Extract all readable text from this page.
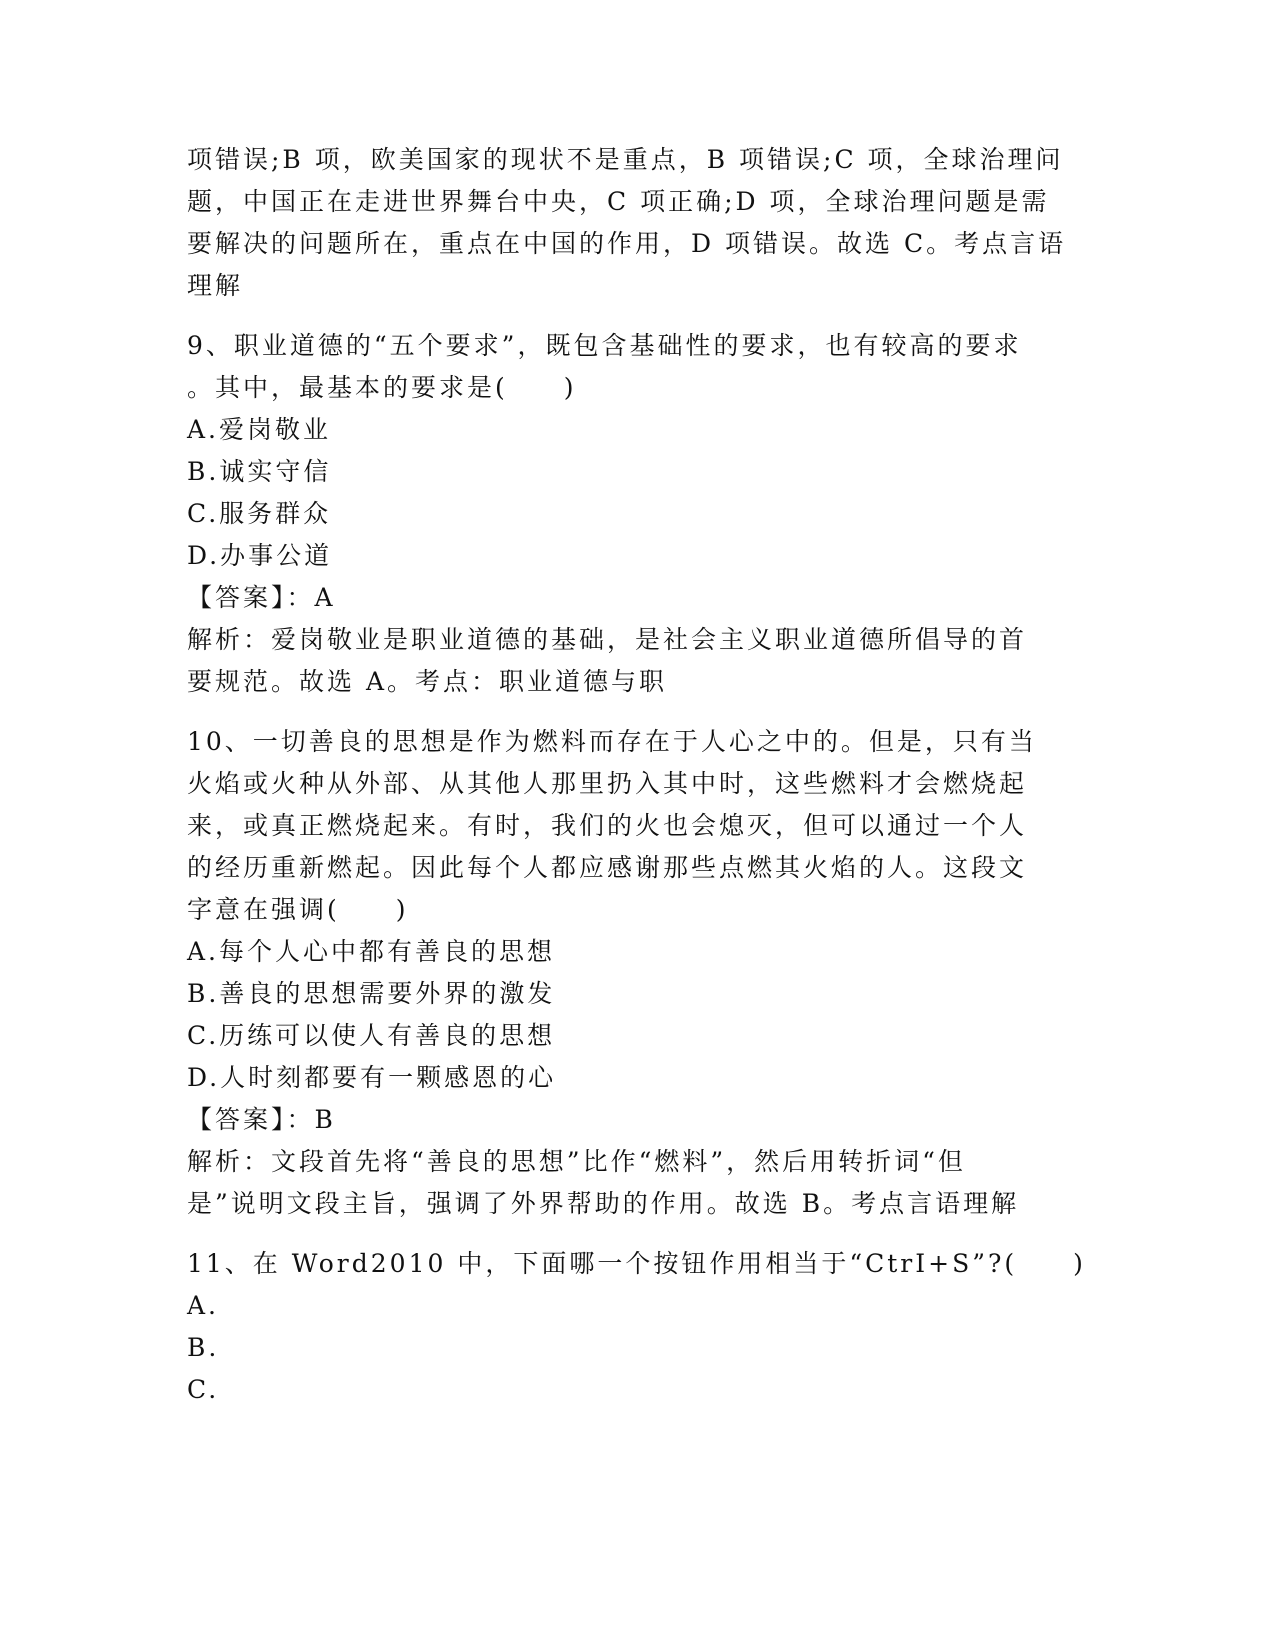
项错误;B 项，欧美国家的现状不是重点，B 项错误;C 项，全球治理问
题，中国正在走进世界舞台中央，C 项正确;D 项，全球治理问题是需
要解决的问题所在，重点在中国的作用，D 项错误。故选 C。考点言语
理解
9、职业道德的“五个要求”，既包含基础性的要求，也有较高的要求
。其中，最基本的要求是(　　)
A.爱岗敬业
B.诚实守信
C.服务群众
D.办事公道
【答案】：A
解析：爱岗敬业是职业道德的基础，是社会主义职业道德所倡导的首
要规范。故选 A。考点：职业道德与职
10、一切善良的思想是作为燃料而存在于人心之中的。但是，只有当
火焰或火种从外部、从其他人那里扔入其中时，这些燃料才会燃烧起
来，或真正燃烧起来。有时，我们的火也会熄灭，但可以通过一个人
的经历重新燃起。因此每个人都应感谢那些点燃其火焰的人。这段文
字意在强调(　　)
A.每个人心中都有善良的思想
B.善良的思想需要外界的激发
C.历练可以使人有善良的思想
D.人时刻都要有一颗感恩的心
【答案】：B
解析：文段首先将“善良的思想”比作“燃料”，然后用转折词“但
是”说明文段主旨，强调了外界帮助的作用。故选 B。考点言语理解
11、在 Word2010 中，下面哪一个按钮作用相当于“CtrI+S”?(　　)
A.
B.
C.
